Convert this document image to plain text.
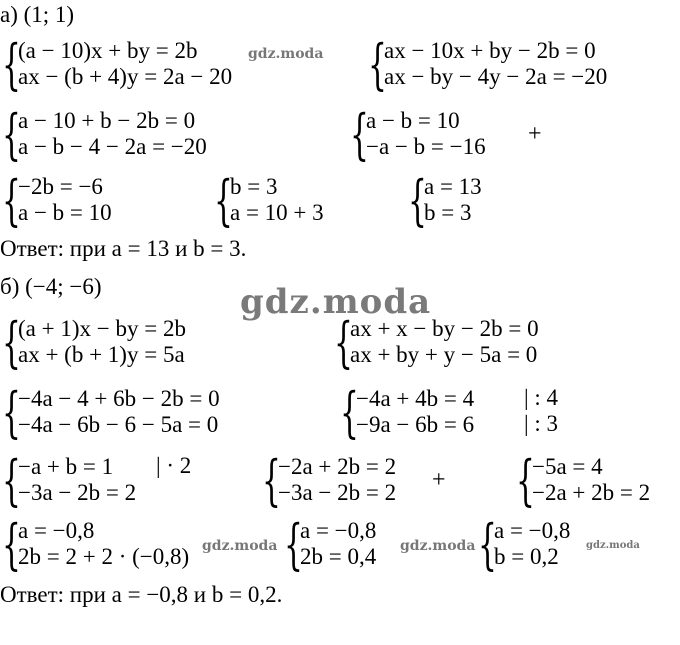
а) (1; 1)
{
(a − 10)x + by = 2b
ax − (b + 4)y = 2a − 20	{
ax − 10x + by − 2b = 0
ax − by − 4y − 2a = −20
{
a − 10 + b − 2b = 0
a − b − 4 − 2a = −20	{
a − b = 10
−a − b = −16 +
{
−2b = −6
a − b = 10 {
b = 3
a = 10 + 3 {
a = 13
b = 3
Ответ: при a = 13 и b = 3.
б) (−4; −6)
{
(a + 1)x − by = 2b
ax + (b + 1)y = 5a	{
ax + x − by − 2b = 0
ax + by + y − 5a = 0
{
−4a − 4 + 6b − 2b = 0
−4a − 6b − 6 − 5a = 0 {
−4a + 4b = 4
−9a − 6b = 6
| : 4
| : 3
{
−a + b = 1
−3a − 2b = 2
| · 2 {
−2a + 2b = 2
−3a − 2b = 2 + {
−5a = 4
−2a + 2b = 2
{
a = −0,8
2b = 2 + 2 · (−0,8) {
a = −0,8
2b = 0,4 {
a = −0,8
b = 0,2
Ответ: при a = −0,8 и b = 0,2.
gdz.moda
gdz.moda
gdz.moda	gdz.moda	gdz.moda
